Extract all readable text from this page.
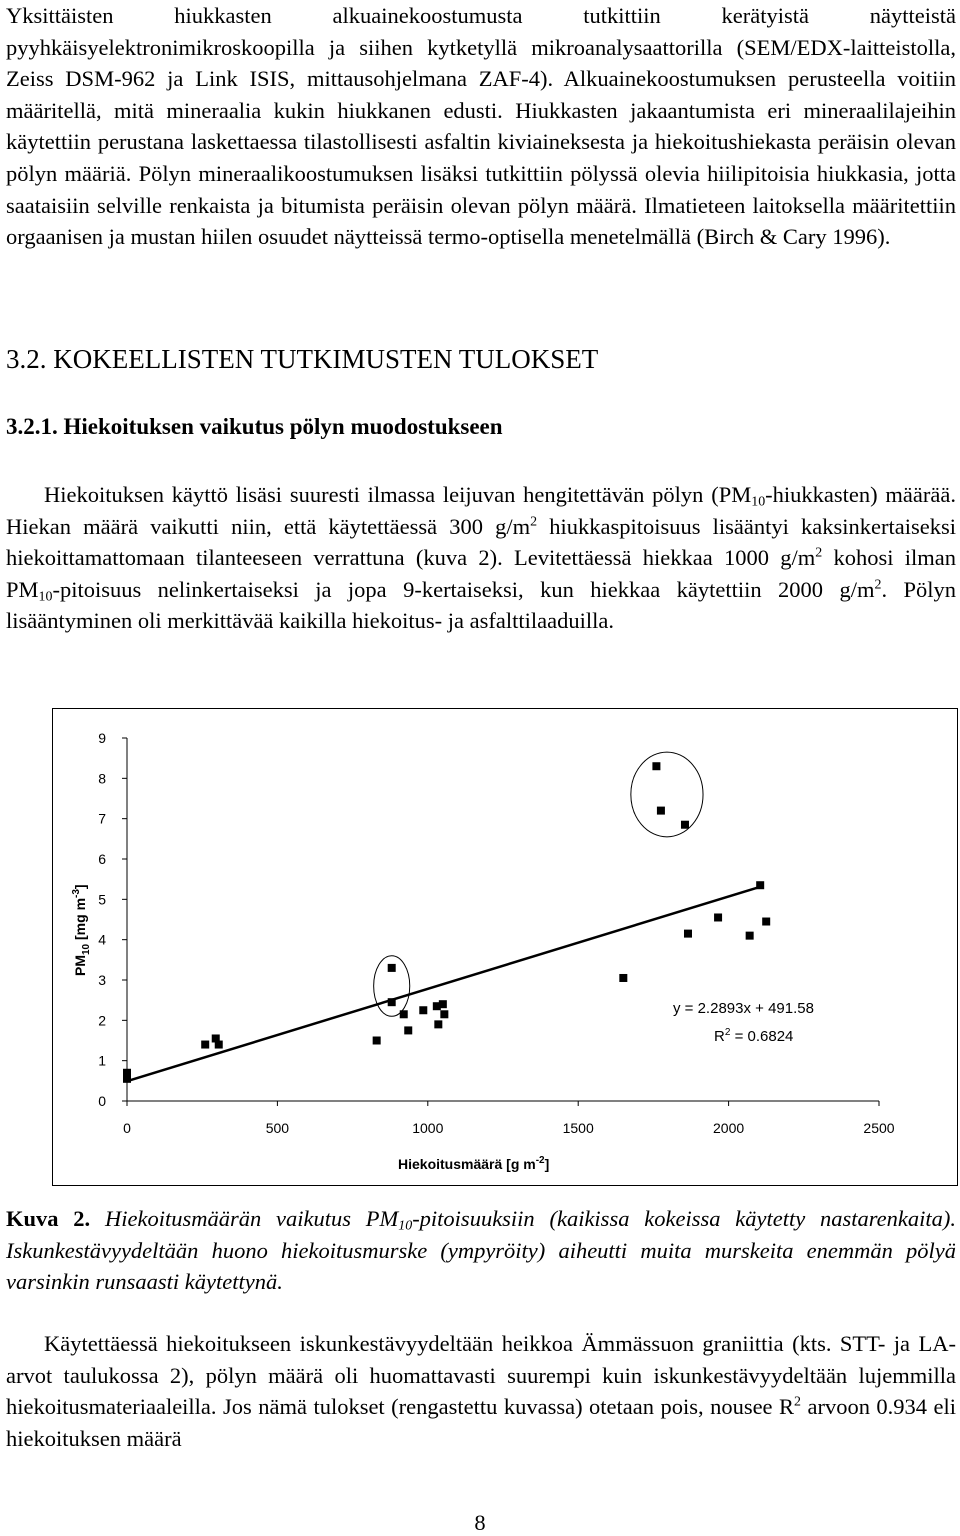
Yksittäisten hiukkasten alkuainekoostumusta tutkittiin kerätyistä näytteistä pyyhkäisyelektronimikroskoopilla ja siihen kytketyllä mikroanalysaattorilla (SEM/EDX-laitteistolla, Zeiss DSM-962 ja Link ISIS, mittausohjelmana ZAF-4). Alkuainekoostumuksen perusteella voitiin määritellä, mitä mineraalia kukin hiukkanen edusti. Hiukkasten jakaantumista eri mineraalilajeihin käytettiin perustana laskettaessa tilastollisesti asfaltin kiviaineksesta ja hiekoitushiekasta peräisin olevan pölyn määriä. Pölyn mineraalikoostumuksen lisäksi tutkittiin pölyssä olevia hiilipitoisia hiukkasia, jotta saataisiin selville renkaista ja bitumista peräisin olevan pölyn määrä. Ilmatieteen laitoksella määritettiin orgaanisen ja mustan hiilen osuudet näytteissä termo-optisella menetelmällä (Birch & Cary 1996).

3.2. KOKEELLISTEN TUTKIMUSTEN TULOKSET
3.2.1. Hiekoituksen vaikutus pölyn muodostukseen

Hiekoituksen käyttö lisäsi suuresti ilmassa leijuvan hengitettävän pölyn $(PM_{10}-hiukkasten)$ määrää. Hiekan määrä vaikutti niin, että käytettäessä 300 $g/m^2$ hiukkaspitoisuus lisääntyi kaksinkertaiseksi hiekoittamattomaan tilanteeseen verrattuna (kuva 2). Levitettäessä hiekkaa 1000 $g/m^2$ kohosi ilman $PM_{10}$-pitoisuus nelinkertaiseksi ja jopa 9-kertaiseksi, kun hiekkaa käytettiin 2000 $g/m^2$. Pölyn lisääntyminen oli merkittävää kaikilla hiekoitus- ja asfalttilaaduilla.

0
1
2
3
4
5
6
7
8
9
0	500	1000	1500	2000	2500
y = 2.2893x + 491.58
$R^2 = 0.6824$
Hiekoitusmäärä [g $m^{-2}$]
$PM_{10}$ [mg $m^{-3}$]

Kuva 2. Hiekoitusmäärän vaikutus $PM_{10}$-pitoisuuksiin (kaikissa kokeissa käytetty nastarenkaita). Iskunkestävyydeltään huono hiekoitusmurske (ympyröity) aiheutti muita murskeita enemmän pölyä varsinkin runsaasti käytettynä.

Käytettäessä hiekoitukseen iskunkestävyydeltään heikkoa Ämmässuon graniittia (kts. STT- ja LA-arvot taulukossa 2), pölyn määrä oli huomattavasti suurempi kuin iskunkestävyydeltään lujemmilla hiekoitusmateriaaleilla. Jos nämä tulokset (rengastettu kuvassa) otetaan pois, nousee $R^2$ arvoon 0.934 eli hiekoituksen määrä

8
